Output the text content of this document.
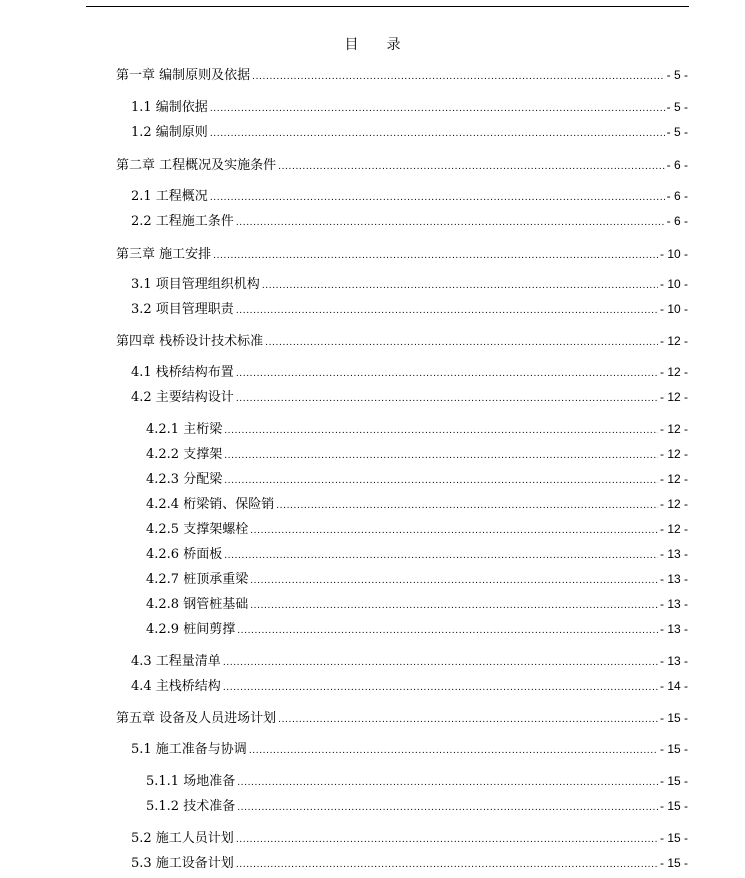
目 录
第一章 编制原则及依据 .....	- 5 -
1.1 编制依据 .....	- 5 -
1.2 编制原则 .....	- 5 -
第二章 工程概况及实施条件 .....	- 6 -
2.1 工程概况 .....	- 6 -
2.2 工程施工条件 .....	- 6 -
第三章 施工安排 .....	- 10 -
3.1 项目管理组织机构 .....	- 10 -
3.2 项目管理职责 .....	- 10 -
第四章 栈桥设计技术标准 .....	- 12 -
4.1 栈桥结构布置 .....	- 12 -
4.2 主要结构设计 .....	- 12 -
4.2.1 主桁梁 .....	- 12 -
4.2.2 支撑架 .....	- 12 -
4.2.3 分配梁 .....	- 12 -
4.2.4 桁梁销、保险销 .....	- 12 -
4.2.5 支撑架螺栓 .....	- 12 -
4.2.6 桥面板 .....	- 13 -
4.2.7 桩顶承重梁 .....	- 13 -
4.2.8 钢管桩基础 .....	- 13 -
4.2.9 桩间剪撑 .....	- 13 -
4.3 工程量清单 .....	- 13 -
4.4 主栈桥结构 .....	- 14 -
第五章 设备及人员进场计划 .....	- 15 -
5.1 施工准备与协调 .....	- 15 -
5.1.1 场地准备 .....	- 15 -
5.1.2 技术准备 .....	- 15 -
5.2 施工人员计划 .....	- 15 -
5.3 施工设备计划 .....	- 15 -
